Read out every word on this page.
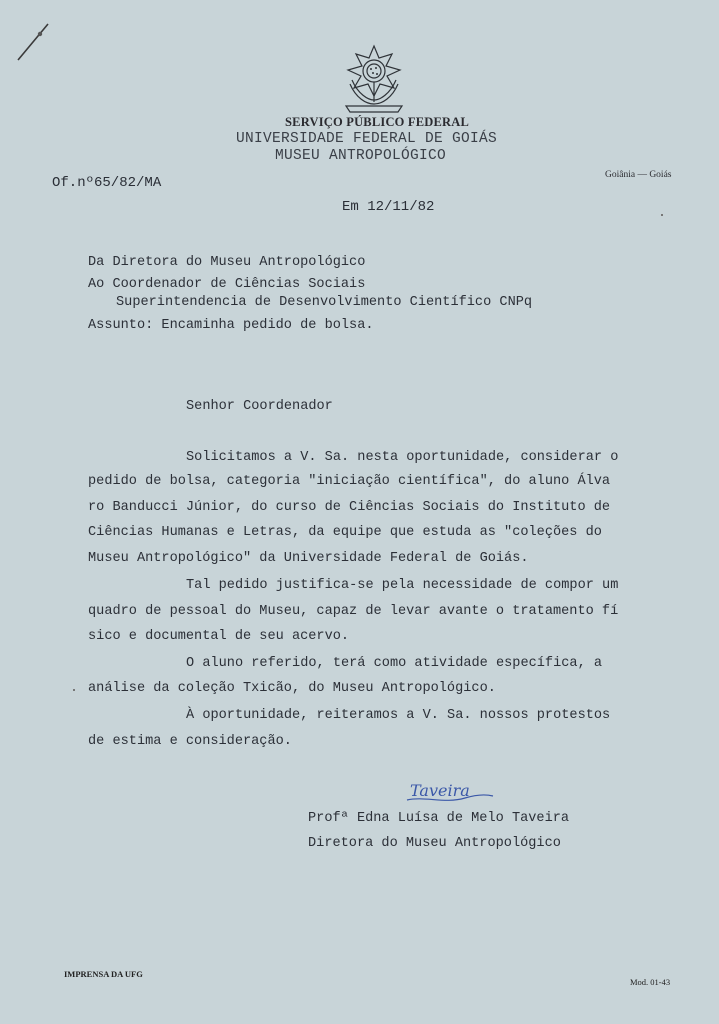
SERVIÇO PÚBLICO FEDERAL
UNIVERSIDADE FEDERAL DE GOIÁS
MUSEU ANTROPOLÓGICO
Goiânia — Goiás
Of.nº65/82/MA
Em 12/11/82
Da Diretora do Museu Antropológico
Ao Coordenador de Ciências Sociais
Superintendencia de Desenvolvimento Científico CNPq
Assunto: Encaminha pedido de bolsa.
Senhor Coordenador
Solicitamos a V. Sa. nesta oportunidade, considerar o
pedido de bolsa, categoria "iniciação científica", do aluno Álva
ro Banducci Júnior, do curso de Ciências Sociais do Instituto de
Ciências Humanas e Letras, da equipe que estuda as "coleções do
Museu Antropológico" da Universidade Federal de Goiás.
Tal pedido justifica-se pela necessidade de compor um
quadro de pessoal do Museu, capaz de levar avante o tratamento fí
sico e documental de seu acervo.
O aluno referido, terá como atividade específica, a
análise da coleção Txicão, do Museu Antropológico.
À oportunidade, reiteramos a V. Sa. nossos protestos
de estima e consideração.
Taveira
Profª Edna Luísa de Melo Taveira
Diretora do Museu Antropológico
IMPRENSA DA UFG
Mod. 01-43
